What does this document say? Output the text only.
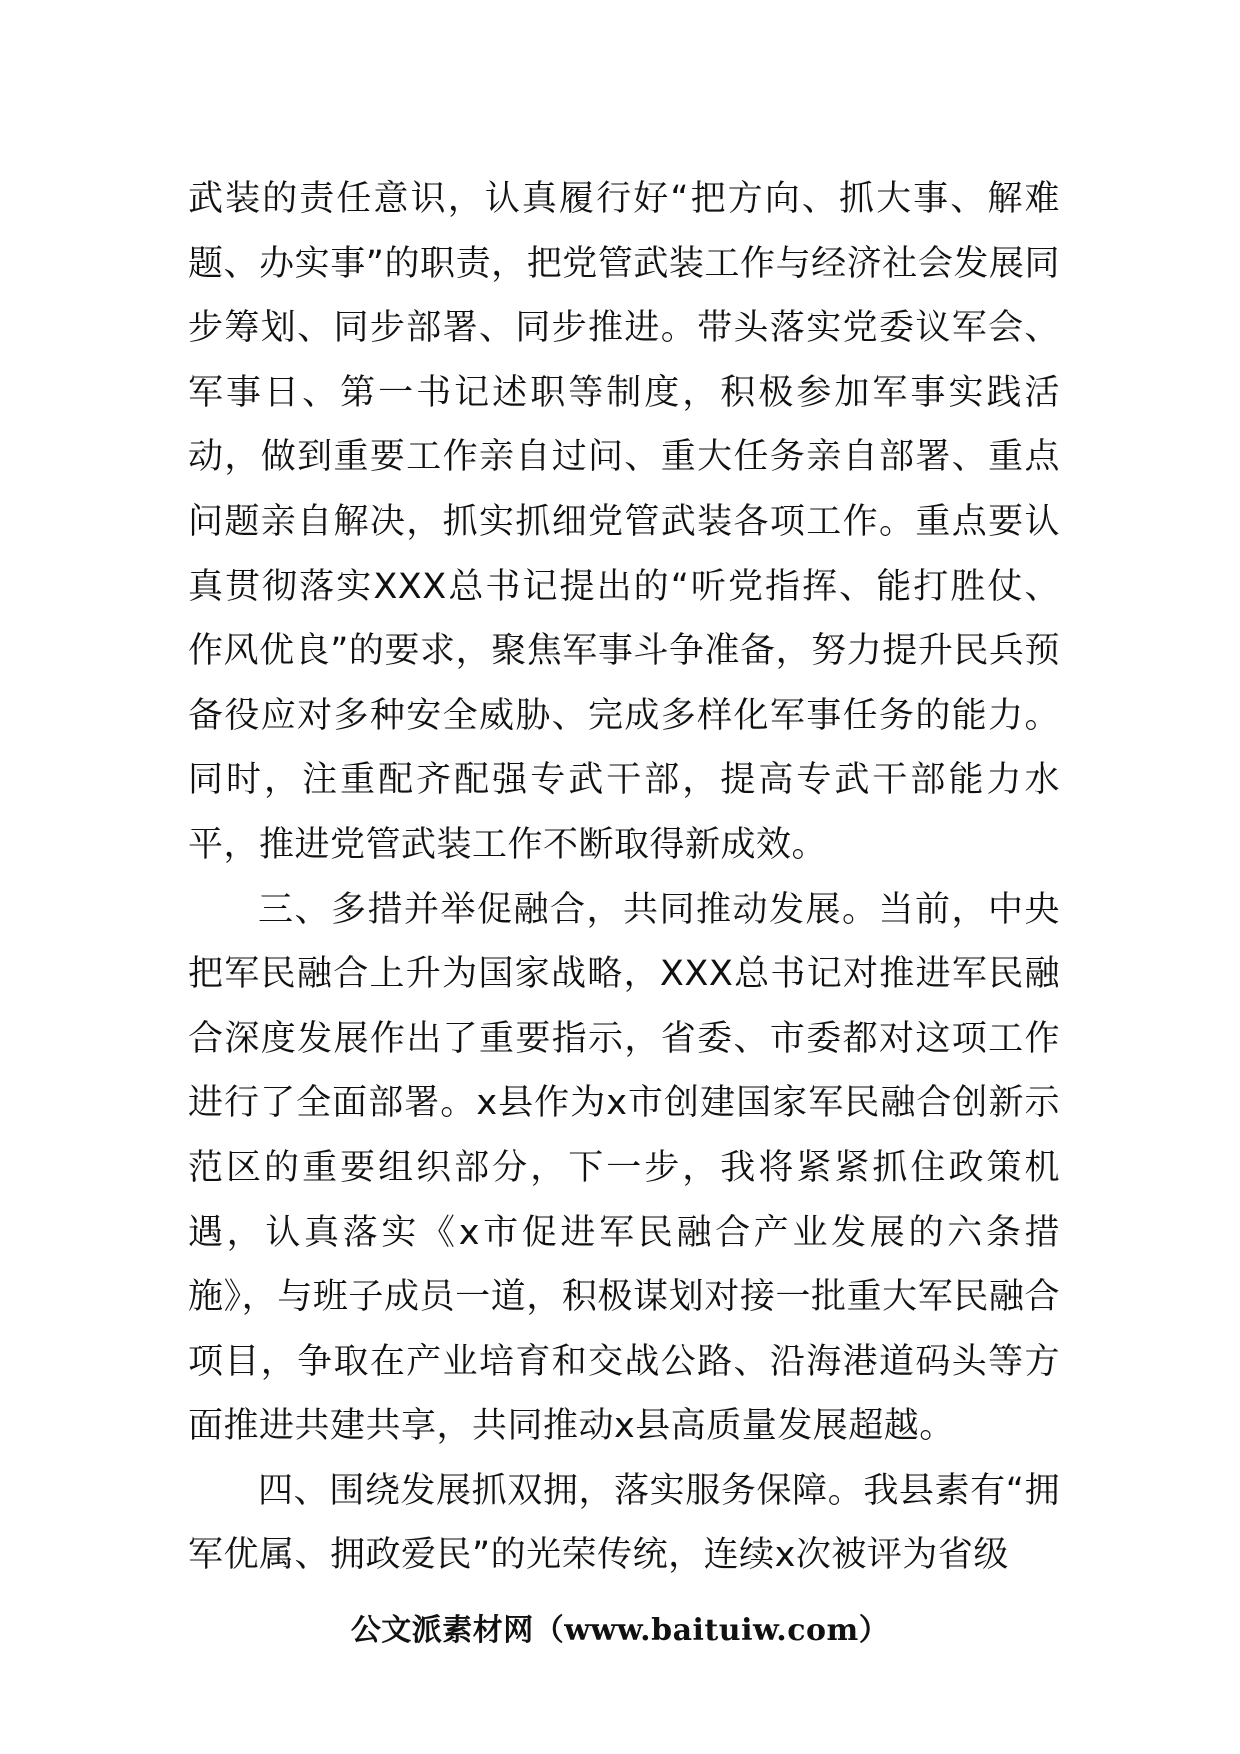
武装的责任意识，认真履行好“把方向、抓大事、解难题、办实事”的职责，把党管武装工作与经济社会发展同步筹划、同步部署、同步推进。带头落实党委议军会、军事日、第一书记述职等制度，积极参加军事实践活动，做到重要工作亲自过问、重大任务亲自部署、重点问题亲自解决，抓实抓细党管武装各项工作。重点要认真贯彻落实XXX总书记提出的“听党指挥、能打胜仗、作风优良”的要求，聚焦军事斗争准备，努力提升民兵预备役应对多种安全威胁、完成多样化军事任务的能力。同时，注重配齐配强专武干部，提高专武干部能力水平，推进党管武装工作不断取得新成效。

三、多措并举促融合，共同推动发展。当前，中央把军民融合上升为国家战略，XXX总书记对推进军民融合深度发展作出了重要指示，省委、市委都对这项工作进行了全面部署。x县作为x市创建国家军民融合创新示范区的重要组织部分，下一步，我将紧紧抓住政策机遇，认真落实《x市促进军民融合产业发展的六条措施》，与班子成员一道，积极谋划对接一批重大军民融合项目，争取在产业培育和交战公路、沿海港道码头等方面推进共建共享，共同推动x县高质量发展超越。

四、围绕发展抓双拥，落实服务保障。我县素有“拥军优属、拥政爱民”的光荣传统，连续x次被评为省级

公文派素材网（www.baituiw.com）
